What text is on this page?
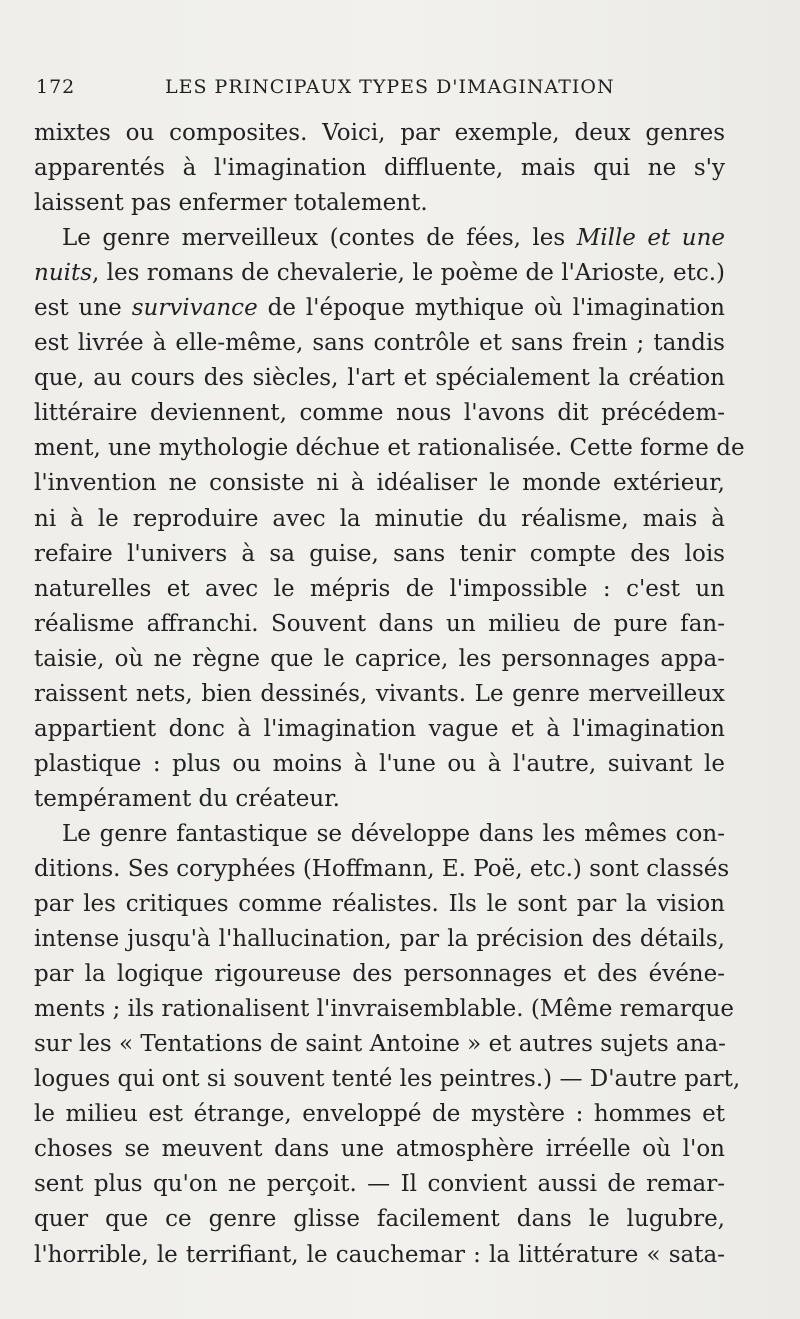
172	LES PRINCIPAUX TYPES D'IMAGINATION

mixtes ou composites. Voici, par exemple, deux genres
apparentés à l'imagination diffluente, mais qui ne s'y
laissent pas enfermer totalement.

Le genre merveilleux (contes de fées, les Mille et une
nuits, les romans de chevalerie, le poème de l'Arioste, etc.)
est une survivance de l'époque mythique où l'imagination
est livrée à elle-même, sans contrôle et sans frein ; tandis
que, au cours des siècles, l'art et spécialement la création
littéraire deviennent, comme nous l'avons dit précédem-
ment, une mythologie déchue et rationalisée. Cette forme de
l'invention ne consiste ni à idéaliser le monde extérieur,
ni à le reproduire avec la minutie du réalisme, mais à
refaire l'univers à sa guise, sans tenir compte des lois
naturelles et avec le mépris de l'impossible : c'est un
réalisme affranchi. Souvent dans un milieu de pure fan-
taisie, où ne règne que le caprice, les personnages appa-
raissent nets, bien dessinés, vivants. Le genre merveilleux
appartient donc à l'imagination vague et à l'imagination
plastique : plus ou moins à l'une ou à l'autre, suivant le
tempérament du créateur.

Le genre fantastique se développe dans les mêmes con-
ditions. Ses coryphées (Hoffmann, E. Poë, etc.) sont classés
par les critiques comme réalistes. Ils le sont par la vision
intense jusqu'à l'hallucination, par la précision des détails,
par la logique rigoureuse des personnages et des événe-
ments ; ils rationalisent l'invraisemblable. (Même remarque
sur les « Tentations de saint Antoine » et autres sujets ana-
logues qui ont si souvent tenté les peintres.) — D'autre part,
le milieu est étrange, enveloppé de mystère : hommes et
choses se meuvent dans une atmosphère irréelle où l'on
sent plus qu'on ne perçoit. — Il convient aussi de remar-
quer que ce genre glisse facilement dans le lugubre,
l'horrible, le terrifiant, le cauchemar : la littérature « sata-
